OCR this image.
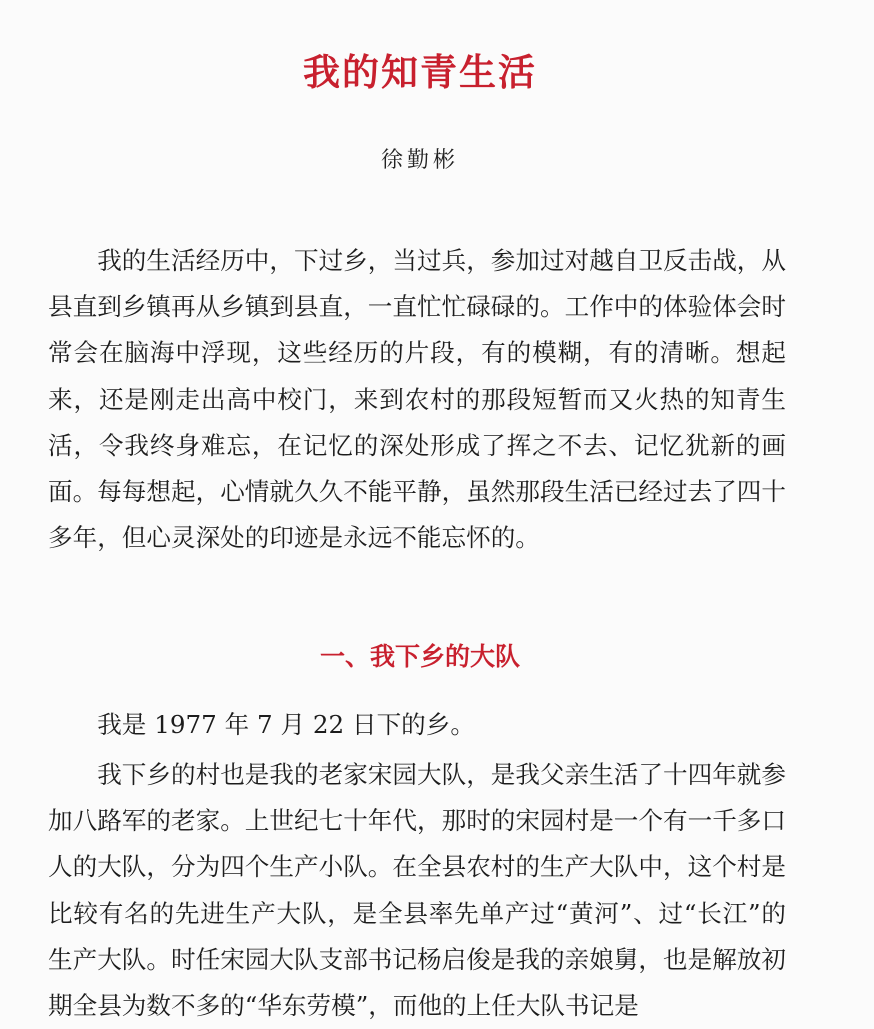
我的知青生活
徐勤彬

我的生活经历中，下过乡，当过兵，参加过对越自卫反击战，从县直到乡镇再从乡镇到县直，一直忙忙碌碌的。工作中的体验体会时常会在脑海中浮现，这些经历的片段，有的模糊，有的清晰。想起来，还是刚走出高中校门，来到农村的那段短暂而又火热的知青生活，令我终身难忘，在记忆的深处形成了挥之不去、记忆犹新的画面。每每想起，心情就久久不能平静，虽然那段生活已经过去了四十多年，但心灵深处的印迹是永远不能忘怀的。

一、我下乡的大队

我是 1977 年 7 月 22 日下的乡。

我下乡的村也是我的老家宋园大队，是我父亲生活了十四年就参加八路军的老家。上世纪七十年代，那时的宋园村是一个有一千多口人的大队，分为四个生产小队。在全县农村的生产大队中，这个村是比较有名的先进生产大队，是全县率先单产过“黄河”、过“长江”的生产大队。时任宋园大队支部书记杨启俊是我的亲娘舅，也是解放初期全县为数不多的“华东劳模”，而他的上任大队书记是
